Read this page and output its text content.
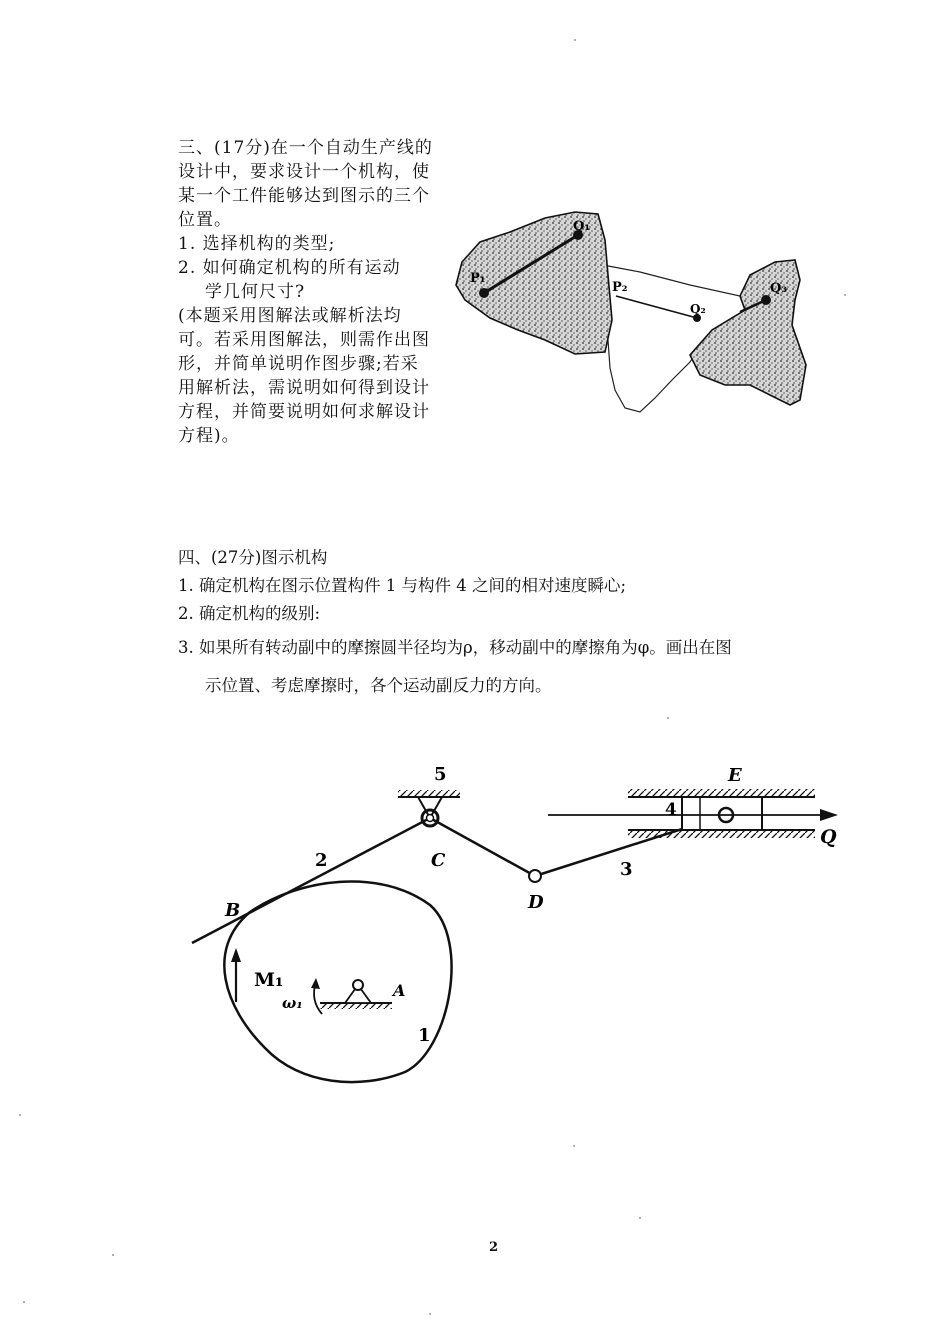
三、(17分)在一个自动生产线的设计中，要求设计一个机构，使某一个工件能够达到图示的三个位置。

1. 选择机构的类型;

2. 如何确定机构的所有运动

学几何尺寸?

(本题采用图解法或解析法均可。若采用图解法，则需作出图形，并简单说明作图步骤;若采用解析法，需说明如何得到设计方程，并简要说明如何求解设计方程)。

四、(27分)图示机构

1. 确定机构在图示位置构件 1 与构件 4 之间的相对速度瞬心;

2. 确定机构的级别:

3. 如果所有转动副中的摩擦圆半径均为ρ，移动副中的摩擦角为φ。画出在图

示位置、考虑摩擦时，各个运动副反力的方向。

P₁
Q₁
P₂
Q₂
Q₃
5	E
4
Q
2	C
D
3
B
M₁
ω₁
A
1
2
